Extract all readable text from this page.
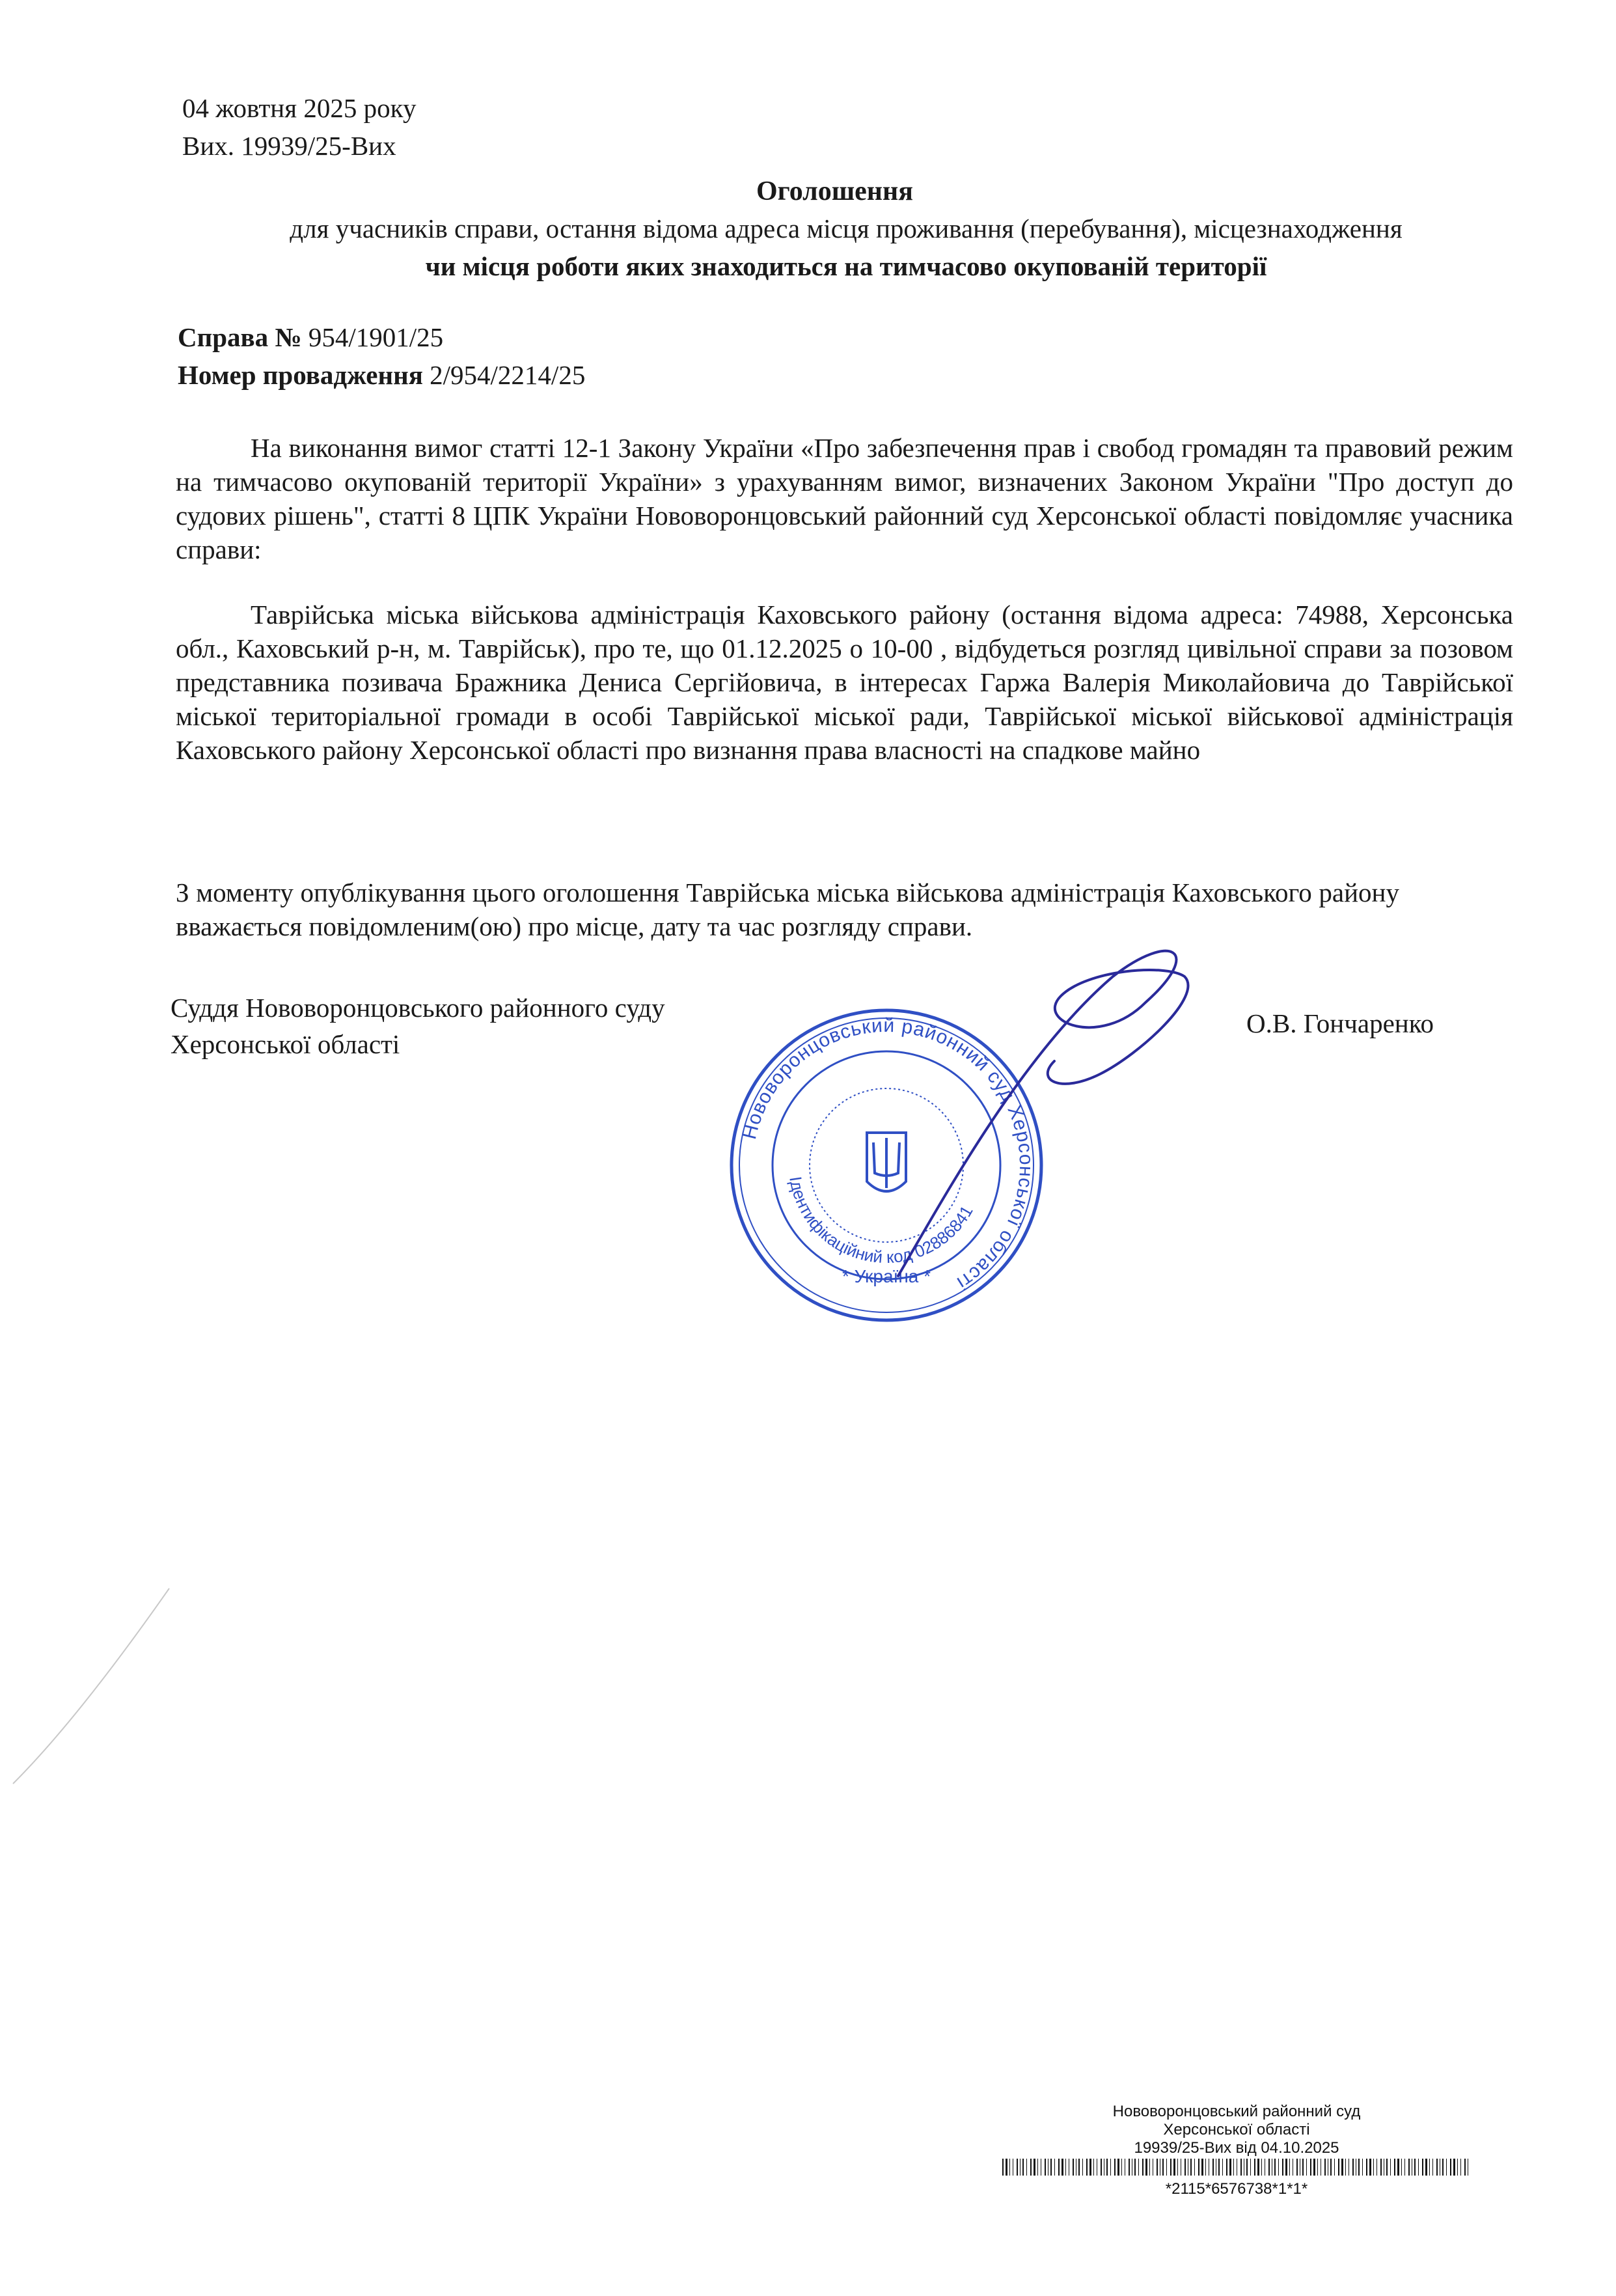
04 жовтня 2025 року
Вих. 19939/25-Вих
Оголошення
для учасників справи, остання відома адреса місця проживання (перебування), місцезнаходження
чи місця роботи яких знаходиться на тимчасово окупованій території
Справа № 954/1901/25
Номер провадження 2/954/2214/25
На виконання вимог статті 12-1 Закону України «Про забезпечення прав і свобод громадян та правовий режим на тимчасово окупованій території України» з урахуванням вимог, визначених Законом України "Про доступ до судових рішень", статті 8 ЦПК України Нововоронцовський районний суд Херсонської області повідомляє учасника справи:
Таврійська міська військова адміністрація Каховського району (остання відома адреса: 74988, Херсонська обл., Каховський р-н, м. Таврійськ), про те, що 01.12.2025 о 10-00 , відбудеться розгляд цивільної справи за позовом представника позивача Бражника Дениса Сергійовича, в інтересах Гаржа Валерія Миколайовича до Таврійської міської територіальної громади в особі Таврійської міської ради, Таврійської міської військової адміністрація Каховського району Херсонської області про визнання права власності на спадкове майно
З моменту опублікування цього оголошення Таврійська міська військова адміністрація Каховського району вважається повідомленим(ою) про місце, дату та час розгляду справи.
Суддя Нововоронцовського районного суду
Херсонської області
О.В. Гончаренко
Нововоронцовський районний суд Херсонської області
Ідентифікаційний код 02886841
* Україна *
Нововоронцовський районний суд
Херсонської області
19939/25-Вих від 04.10.2025
*2115*6576738*1*1*
